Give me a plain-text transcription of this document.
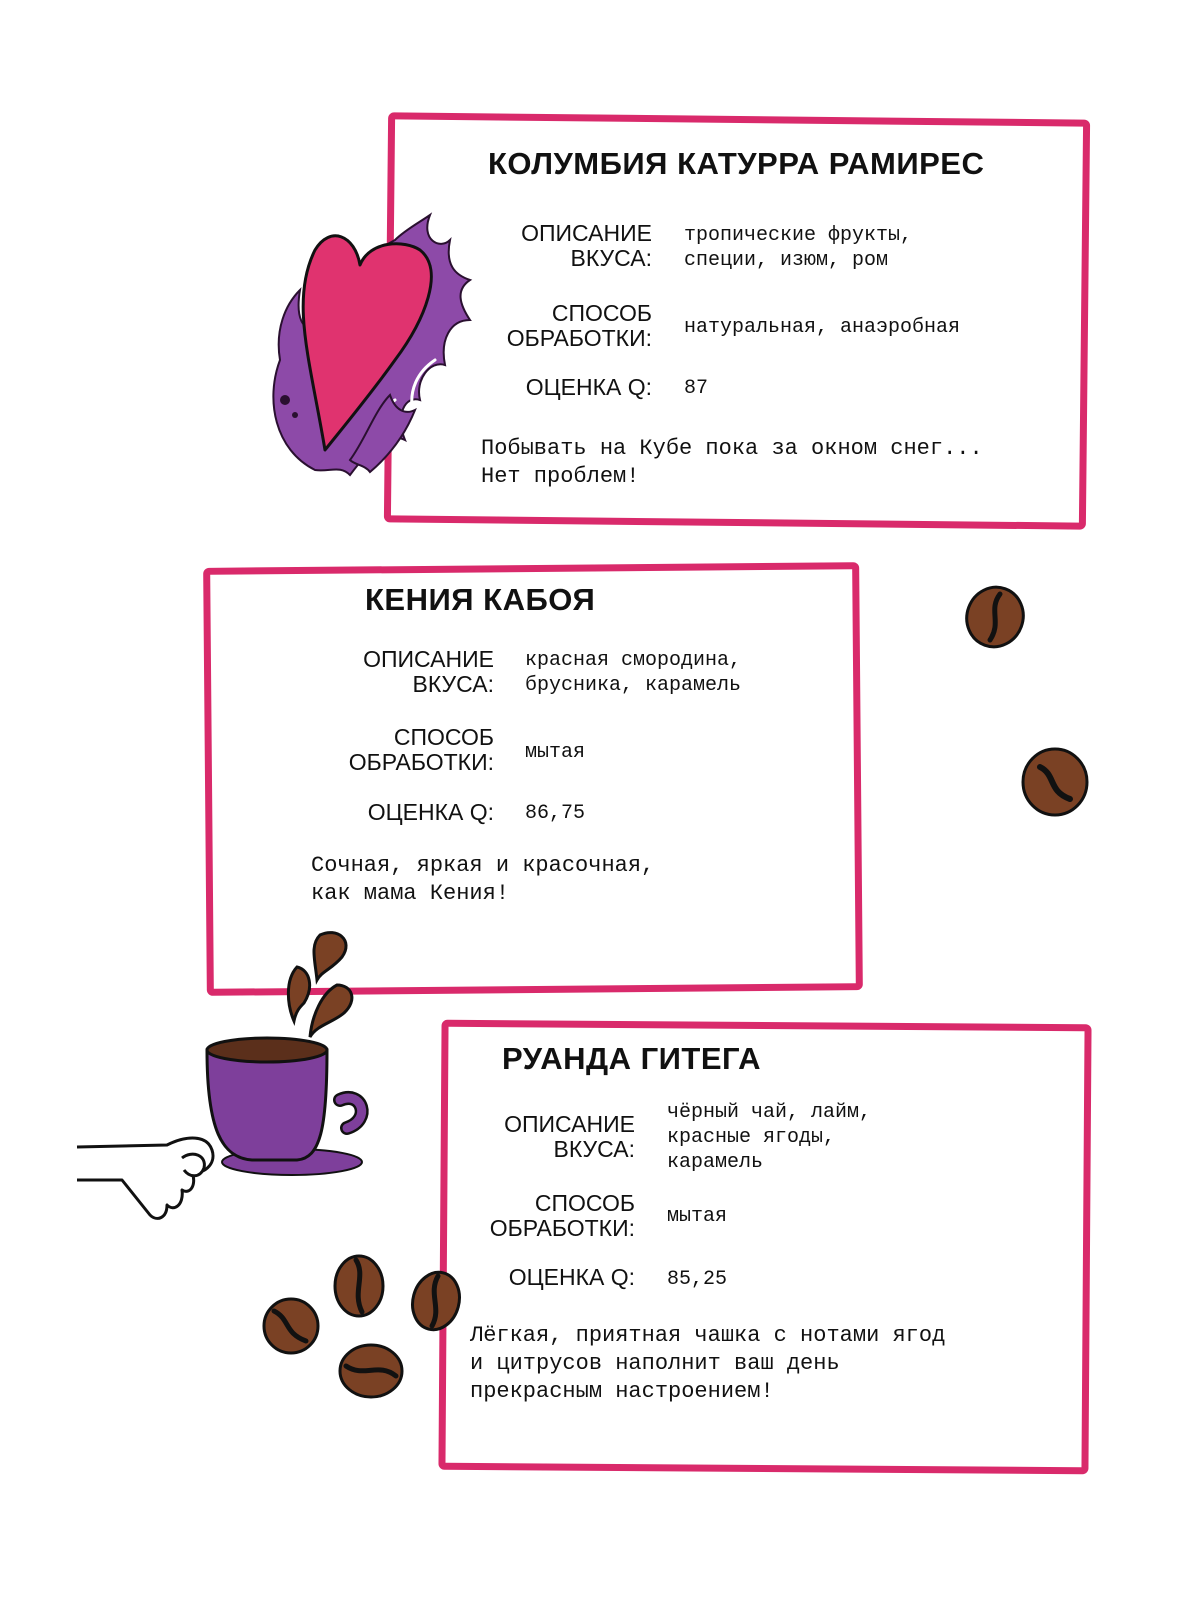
КОЛУМБИЯ КАТУРРА РАМИРЕС
ОПИСАНИЕ
ВКУСА:
тропические фрукты,
специи, изюм, ром
СПОСОБ
ОБРАБОТКИ: натуральная, анаэробная
ОЦЕНКА Q: 87
Побывать на Кубе пока за окном снег...
Нет проблем!
КЕНИЯ КАБОЯ
ОПИСАНИЕ
ВКУСА:
красная смородина,
брусника, карамель
СПОСОБ
ОБРАБОТКИ: мытая
ОЦЕНКА Q: 86,75
Сочная, яркая и красочная,
как мама Кения!
РУАНДА ГИТЕГА
ОПИСАНИЕ
ВКУСА:
чёрный чай, лайм,
красные ягоды,
карамель
СПОСОБ
ОБРАБОТКИ: мытая
ОЦЕНКА Q: 85,25
Лёгкая, приятная чашка с нотами ягод
и цитрусов наполнит ваш день
прекрасным настроением!
